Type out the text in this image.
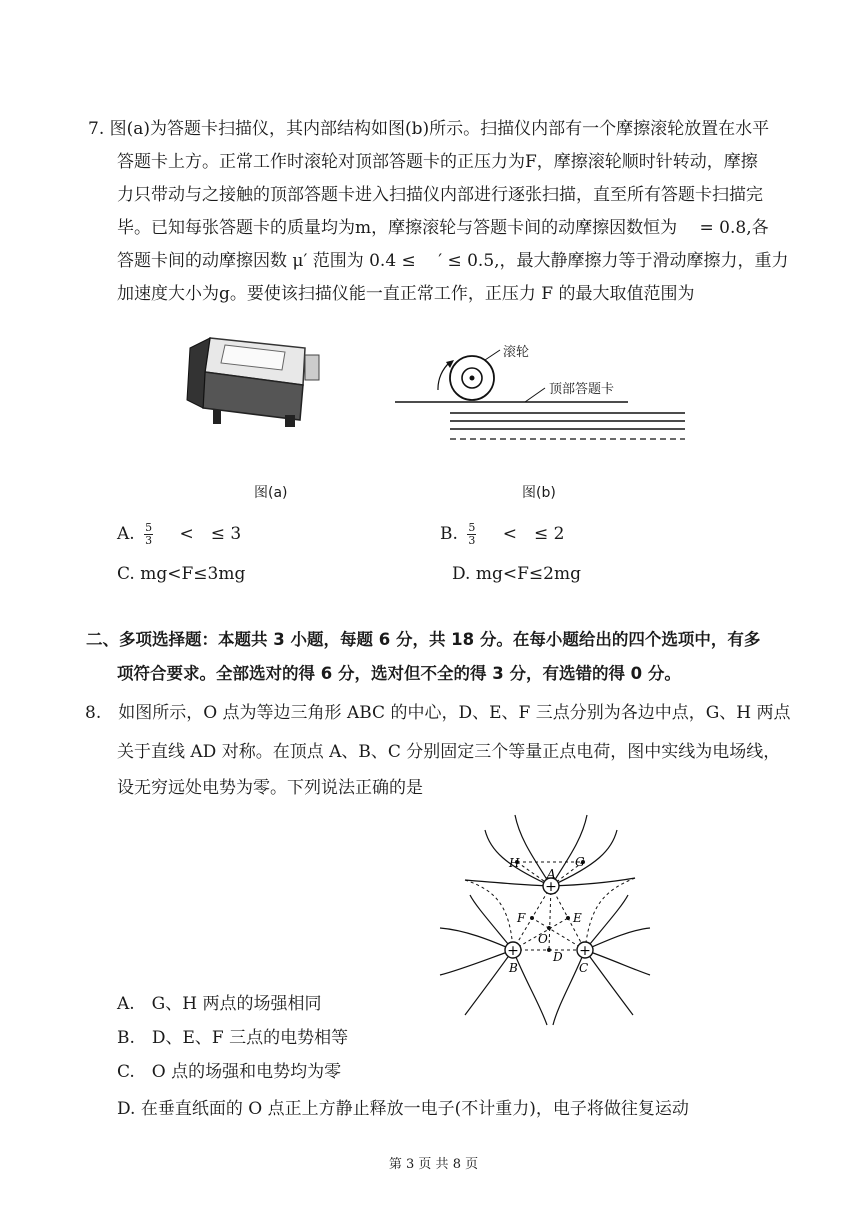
7. 图(a)为答题卡扫描仪，其内部结构如图(b)所示。扫描仪内部有一个摩擦滚轮放置在水平
答题卡上方。正常工作时滚轮对顶部答题卡的正压力为F，摩擦滚轮顺时针转动，摩擦
力只带动与之接触的顶部答题卡进入扫描仪内部进行逐张扫描，直至所有答题卡扫描完
毕。已知每张答题卡的质量均为m，摩擦滚轮与答题卡间的动摩擦因数恒为 　= 0.8,各
答题卡间的动摩擦因数 μ′ 范围为 0.4 ≤ 　′ ≤ 0.5,，最大静摩擦力等于滑动摩擦力，重力
加速度大小为g。要使该扫描仪能一直正常工作，正压力 F 的最大取值范围为
图(a)
滚轮
顶部答题卡
图(b)
A. $\frac{5}{3}$ 　<　≤ 3	B. $\frac{5}{3}$ 　<　≤ 2
C. mg<F≤3mg	D. mg<F≤2mg
二、多项选择题：本题共 3 小题，每题 6 分，共 18 分。在每小题给出的四个选项中，有多
项符合要求。全部选对的得 6 分，选对但不全的得 3 分，有选错的得 0 分。
8.　如图所示，O 点为等边三角形 ABC 的中心，D、E、F 三点分别为各边中点，G、H 两点
关于直线 AD 对称。在顶点 A、B、C 分别固定三个等量正点电荷，图中实线为电场线，
设无穷远处电势为零。下列说法正确的是
+
+	+
A
B	C
D
E
F
G
H
O
A.　G、H 两点的场强相同
B.　D、E、F 三点的电势相等
C.　O 点的场强和电势均为零
D. 在垂直纸面的 O 点正上方静止释放一电子(不计重力)，电子将做往复运动
第 3 页 共 8 页
